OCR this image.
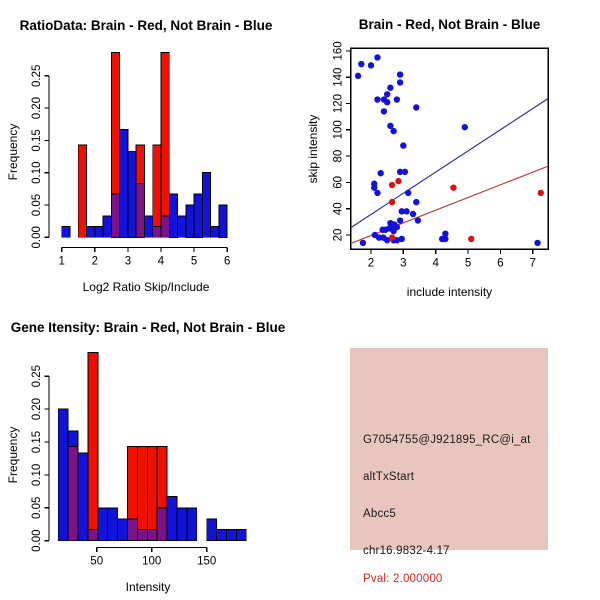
1 2 3 4 5 6
0.00
0.05
0.10
0.15
0.20
0.25
RatioData: Brain - Red, Not Brain - Blue
Log2 Ratio Skip/Include
Frequency
2 3 4 5 6 7
20
40
60
80
100
120
140
160
Brain - Red, Not Brain - Blue
include intensity
skip intensity
50	100	150
0.00
0.05
0.10
0.15
0.20
0.25
Gene Itensity: Brain - Red, Not Brain - Blue
Intensity
Frequency	G7054755@J921895_RC@i_at
altTxStart
Abcc5
chr16.9832-4.17
Pval: 2.000000
